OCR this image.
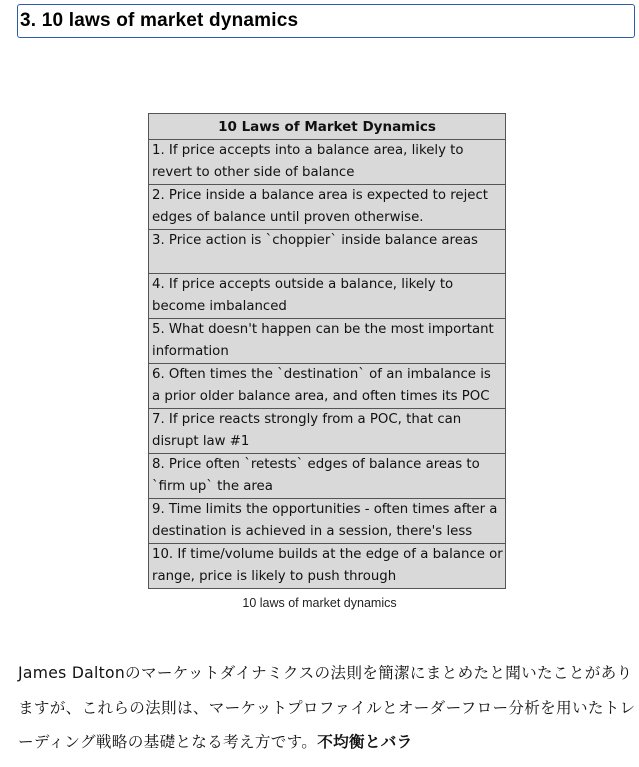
3. 10 laws of market dynamics
10 Laws of Market Dynamics
1. If price accepts into a balance area, likely to revert to other side of balance
2. Price inside a balance area is expected to reject edges of balance until proven otherwise.
3. Price action is `choppier` inside balance areas
4. If price accepts outside a balance, likely to become imbalanced
5. What doesn't happen can be the most important information
6. Often times the `destination` of an imbalance is a prior older balance area, and often times its POC
7. If price reacts strongly from a POC, that can disrupt law #1
8. Price often `retests` edges of balance areas to `firm up` the area
9. Time limits the opportunities - often times after a destination is achieved in a session, there's less
10. If time/volume builds at the edge of a balance or range, price is likely to push through
10 laws of market dynamics
James Daltonのマーケットダイナミクスの法則を簡潔にまとめたと聞いたことがありますが、これらの法則は、マーケットプロファイルとオーダーフロー分析を用いたトレーディング戦略の基礎となる考え方です。不均衡とバラ
